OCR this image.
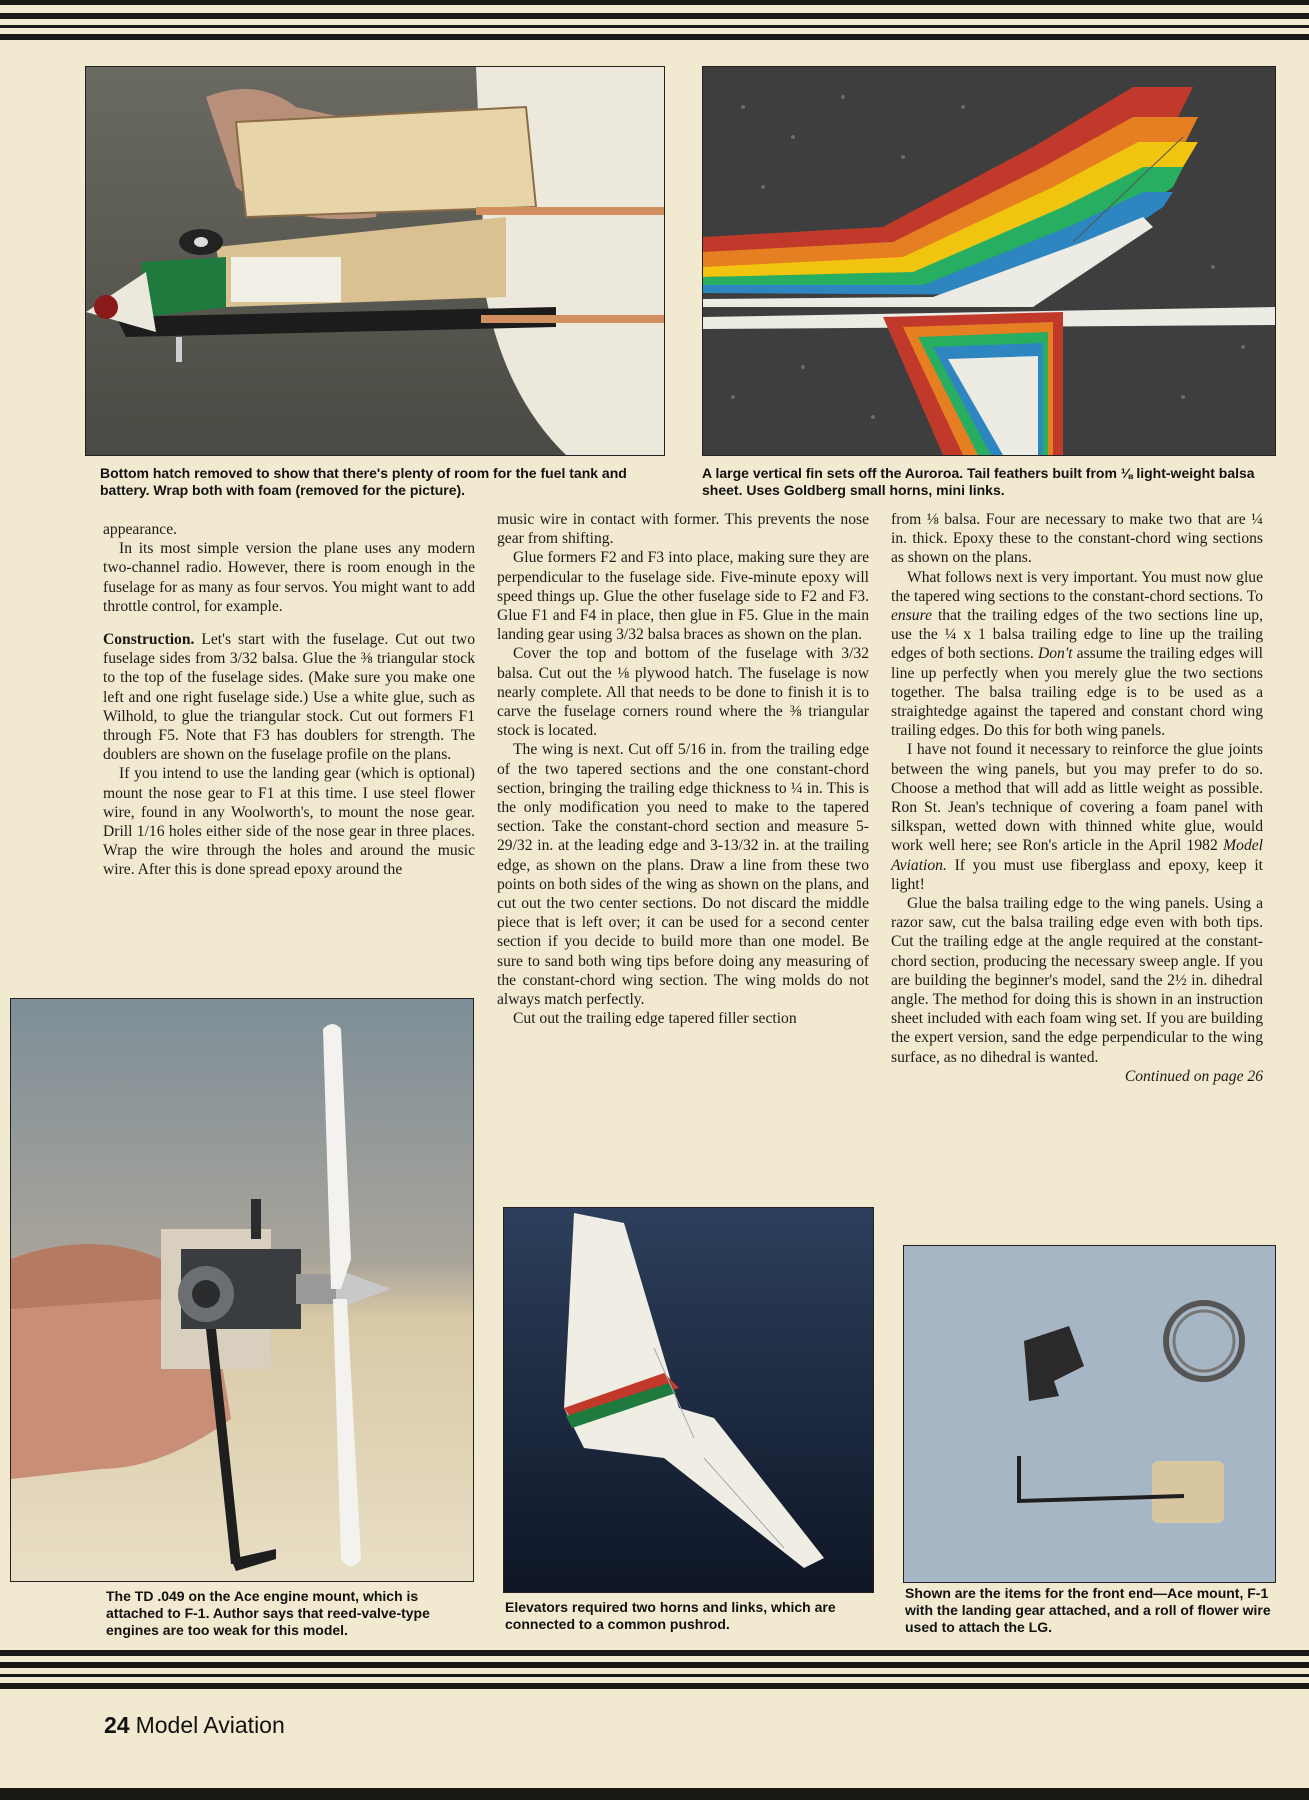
Bottom hatch removed to show that there's plenty of room for the fuel tank and battery. Wrap both with foam (removed for the picture).
A large vertical fin sets off the Auroroa. Tail feathers built from ⅛ light-weight balsa sheet. Uses Goldberg small horns, mini links.

appearance.

In its most simple version the plane uses any modern two-channel radio. However, there is room enough in the fuselage for as many as four servos. You might want to add throttle control, for example.

Construction. Let's start with the fuselage. Cut out two fuselage sides from 3/32 balsa. Glue the ⅜ triangular stock to the top of the fuselage sides. (Make sure you make one left and one right fuselage side.) Use a white glue, such as Wilhold, to glue the triangular stock. Cut out formers F1 through F5. Note that F3 has doublers for strength. The doublers are shown on the fuselage profile on the plans.

If you intend to use the landing gear (which is optional) mount the nose gear to F1 at this time. I use steel flower wire, found in any Woolworth's, to mount the nose gear. Drill 1/16 holes either side of the nose gear in three places. Wrap the wire through the holes and around the music wire. After this is done spread epoxy around the

The TD .049 on the Ace engine mount, which is attached to F-1. Author says that reed-valve-type engines are too weak for this model.

music wire in contact with former. This prevents the nose gear from shifting.

Glue formers F2 and F3 into place, making sure they are perpendicular to the fuselage side. Five-minute epoxy will speed things up. Glue the other fuselage side to F2 and F3. Glue F1 and F4 in place, then glue in F5. Glue in the main landing gear using 3/32 balsa braces as shown on the plan.

Cover the top and bottom of the fuselage with 3/32 balsa. Cut out the ⅛ plywood hatch. The fuselage is now nearly complete. All that needs to be done to finish it is to carve the fuselage corners round where the ⅜ triangular stock is located.

The wing is next. Cut off 5/16 in. from the trailing edge of the two tapered sections and the one constant-chord section, bringing the trailing edge thickness to ¼ in. This is the only modification you need to make to the tapered section. Take the constant-chord section and measure 5-29/32 in. at the leading edge and 3-13/32 in. at the trailing edge, as shown on the plans. Draw a line from these two points on both sides of the wing as shown on the plans, and cut out the two center sections. Do not discard the middle piece that is left over; it can be used for a second center section if you decide to build more than one model. Be sure to sand both wing tips before doing any measuring of the constant-chord wing section. The wing molds do not always match perfectly.

Cut out the trailing edge tapered filler section

Elevators required two horns and links, which are connected to a common pushrod.

from ⅛ balsa. Four are necessary to make two that are ¼ in. thick. Epoxy these to the constant-chord wing sections as shown on the plans.

What follows next is very important. You must now glue the tapered wing sections to the constant-chord sections. To ensure that the trailing edges of the two sections line up, use the ¼ x 1 balsa trailing edge to line up the trailing edges of both sections. Don't assume the trailing edges will line up perfectly when you merely glue the two sections together. The balsa trailing edge is to be used as a straightedge against the tapered and constant chord wing trailing edges. Do this for both wing panels.

I have not found it necessary to reinforce the glue joints between the wing panels, but you may prefer to do so. Choose a method that will add as little weight as possible. Ron St. Jean's technique of covering a foam panel with silkspan, wetted down with thinned white glue, would work well here; see Ron's article in the April 1982 Model Aviation. If you must use fiberglass and epoxy, keep it light!

Glue the balsa trailing edge to the wing panels. Using a razor saw, cut the balsa trailing edge even with both tips. Cut the trailing edge at the angle required at the constant-chord section, producing the necessary sweep angle. If you are building the beginner's model, sand the 2½ in. dihedral angle. The method for doing this is shown in an instruction sheet included with each foam wing set. If you are building the expert version, sand the edge perpendicular to the wing surface, as no dihedral is wanted.

Continued on page 26

Shown are the items for the front end—Ace mount, F-1 with the landing gear attached, and a roll of flower wire used to attach the LG.
24 Model Aviation
